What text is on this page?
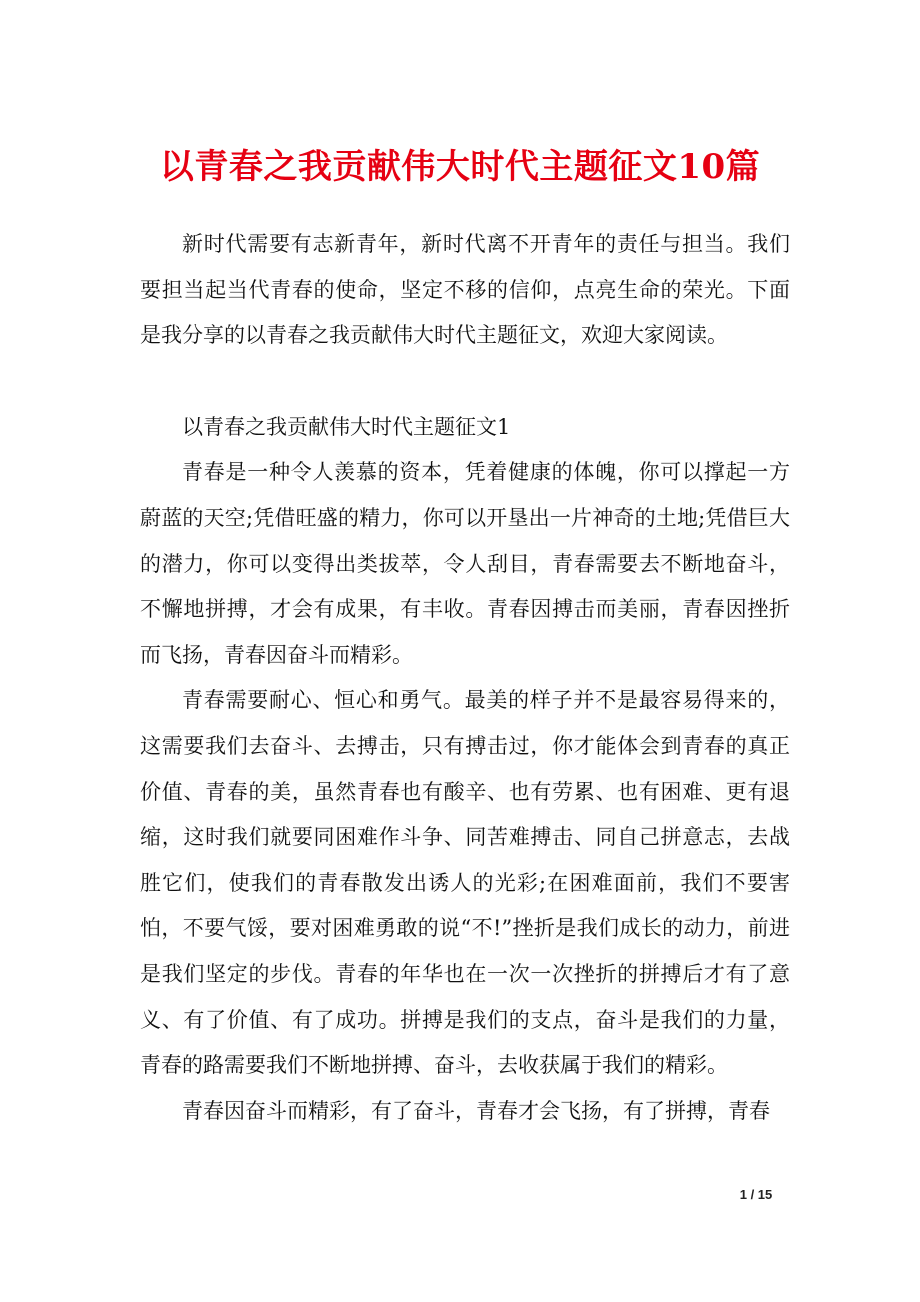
以青春之我贡献伟大时代主题征文10篇

新时代需要有志新青年，新时代离不开青年的责任与担当。我们要担当起当代青春的使命，坚定不移的信仰，点亮生命的荣光。下面是我分享的以青春之我贡献伟大时代主题征文，欢迎大家阅读。

以青春之我贡献伟大时代主题征文1

青春是一种令人羡慕的资本，凭着健康的体魄，你可以撑起一方蔚蓝的天空;凭借旺盛的精力，你可以开垦出一片神奇的土地;凭借巨大的潜力，你可以变得出类拔萃，令人刮目，青春需要去不断地奋斗，不懈地拼搏，才会有成果，有丰收。青春因搏击而美丽，青春因挫折而飞扬，青春因奋斗而精彩。

青春需要耐心、恒心和勇气。最美的样子并不是最容易得来的，这需要我们去奋斗、去搏击，只有搏击过，你才能体会到青春的真正价值、青春的美，虽然青春也有酸辛、也有劳累、也有困难、更有退缩，这时我们就要同困难作斗争、同苦难搏击、同自己拼意志，去战胜它们，使我们的青春散发出诱人的光彩;在困难面前，我们不要害怕，不要气馁，要对困难勇敢的说“不!”挫折是我们成长的动力，前进是我们坚定的步伐。青春的年华也在一次一次挫折的拼搏后才有了意义、有了价值、有了成功。拼搏是我们的支点，奋斗是我们的力量，青春的路需要我们不断地拼搏、奋斗，去收获属于我们的精彩。

青春因奋斗而精彩，有了奋斗，青春才会飞扬，有了拼搏，青春

1 / 15
